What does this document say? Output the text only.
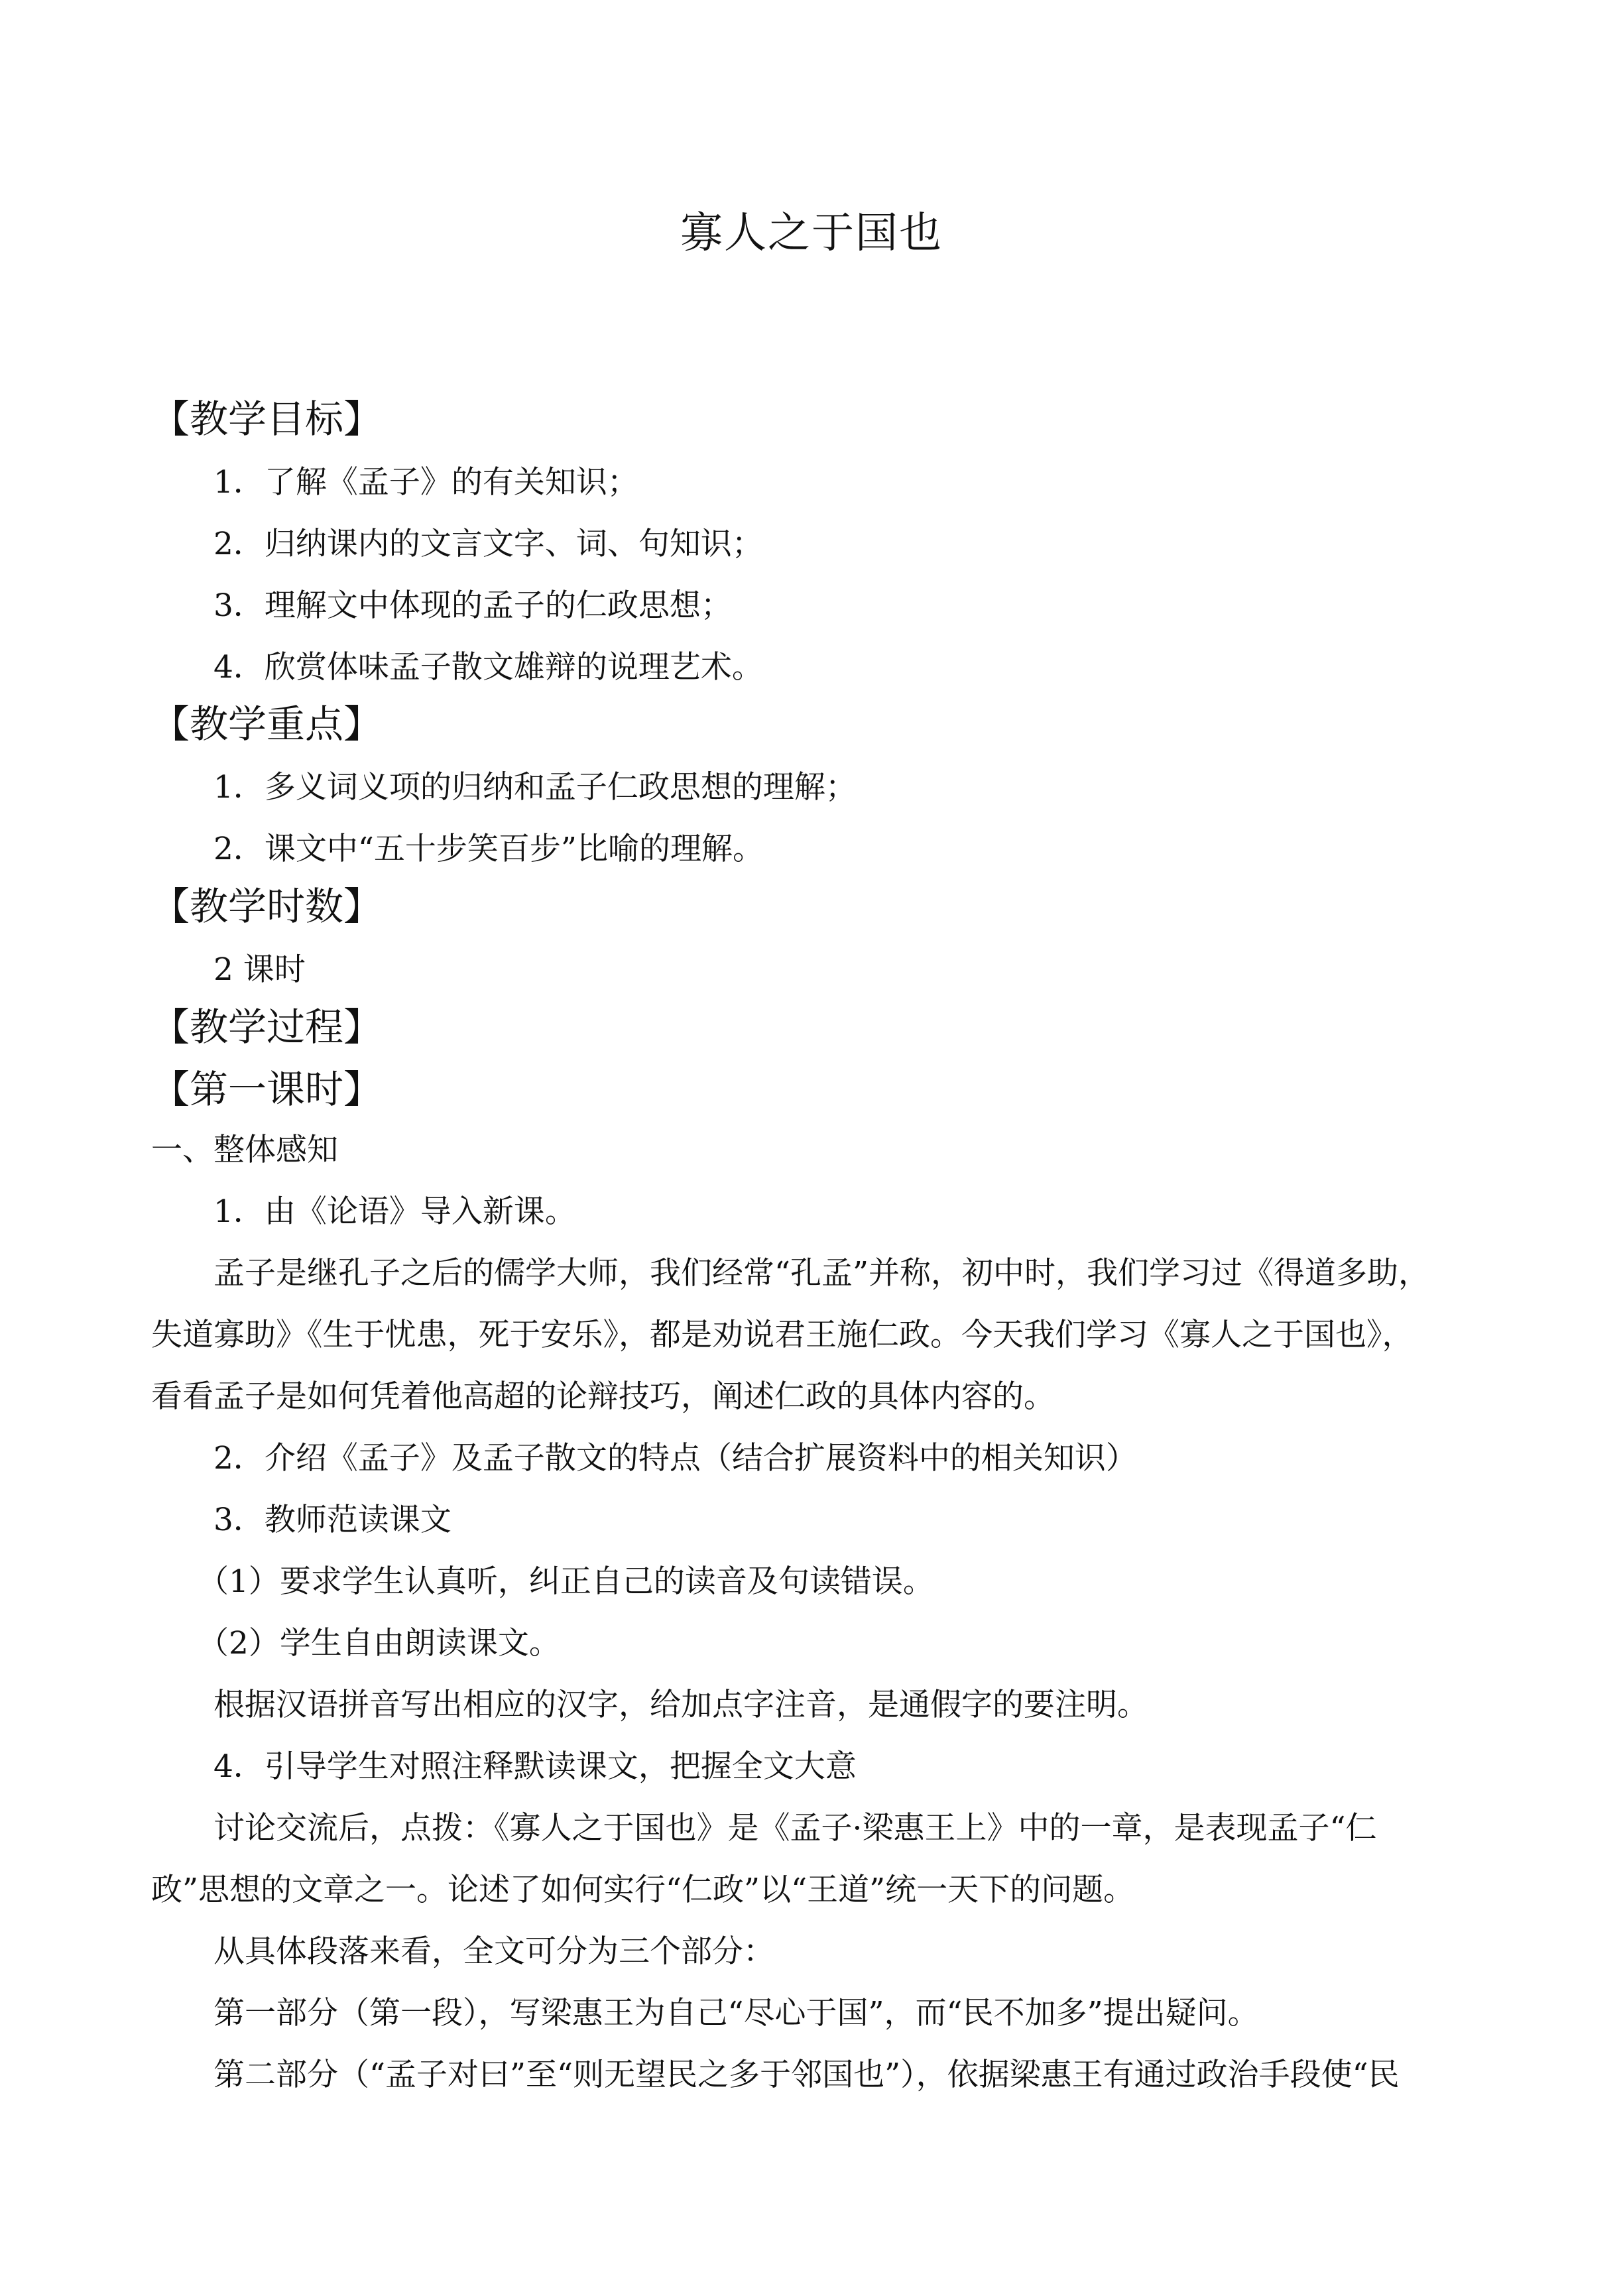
寡人之于国也
【教学目标】
1．了解《孟子》的有关知识；
2．归纳课内的文言文字、词、句知识；
3．理解文中体现的孟子的仁政思想；
4．欣赏体味孟子散文雄辩的说理艺术。
【教学重点】
1．多义词义项的归纳和孟子仁政思想的理解；
2．课文中“五十步笑百步”比喻的理解。
【教学时数】
2 课时
【教学过程】
【第一课时】
一、整体感知
1．由《论语》导入新课。
孟子是继孔子之后的儒学大师，我们经常“孔孟”并称，初中时，我们学习过《得道多助，
失道寡助》《生于忧患，死于安乐》，都是劝说君王施仁政。今天我们学习《寡人之于国也》，
看看孟子是如何凭着他高超的论辩技巧，阐述仁政的具体内容的。
2．介绍《孟子》及孟子散文的特点（结合扩展资料中的相关知识）
3．教师范读课文
（1）要求学生认真听，纠正自己的读音及句读错误。
（2）学生自由朗读课文。
根据汉语拼音写出相应的汉字，给加点字注音，是通假字的要注明。
4．引导学生对照注释默读课文，把握全文大意
讨论交流后，点拨：《寡人之于国也》是《孟子·梁惠王上》中的一章，是表现孟子“仁
政”思想的文章之一。论述了如何实行“仁政”以“王道”统一天下的问题。
从具体段落来看，全文可分为三个部分：
第一部分（第一段），写梁惠王为自己“尽心于国”，而“民不加多”提出疑问。
第二部分（“孟子对曰”至“则无望民之多于邻国也”），依据梁惠王有通过政治手段使“民
